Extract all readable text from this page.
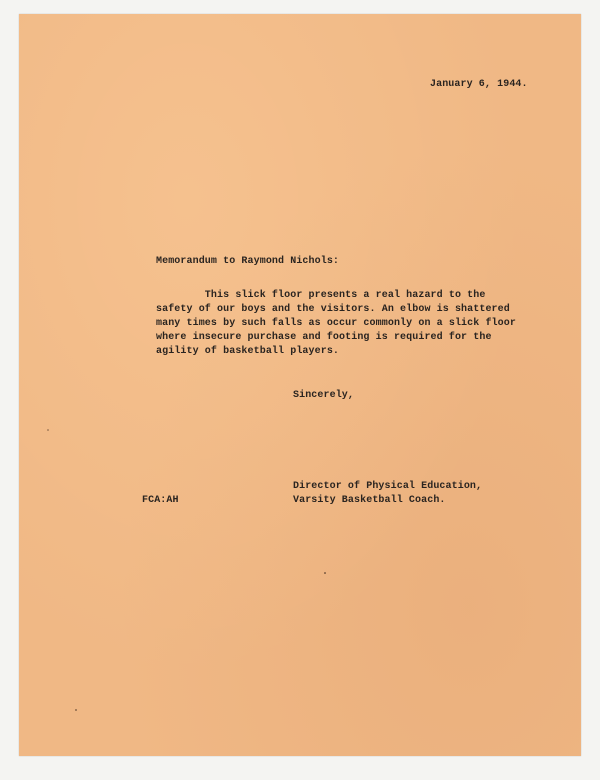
January 6, 1944.
Memorandum to Raymond Nichols:
This slick floor presents a real hazard to the
safety of our boys and the visitors. An elbow is shattered
many times by such falls as occur commonly on a slick floor
where insecure purchase and footing is required for the
agility of basketball players.
Sincerely,
Director of Physical Education,
Varsity Basketball Coach.
FCA:AH
